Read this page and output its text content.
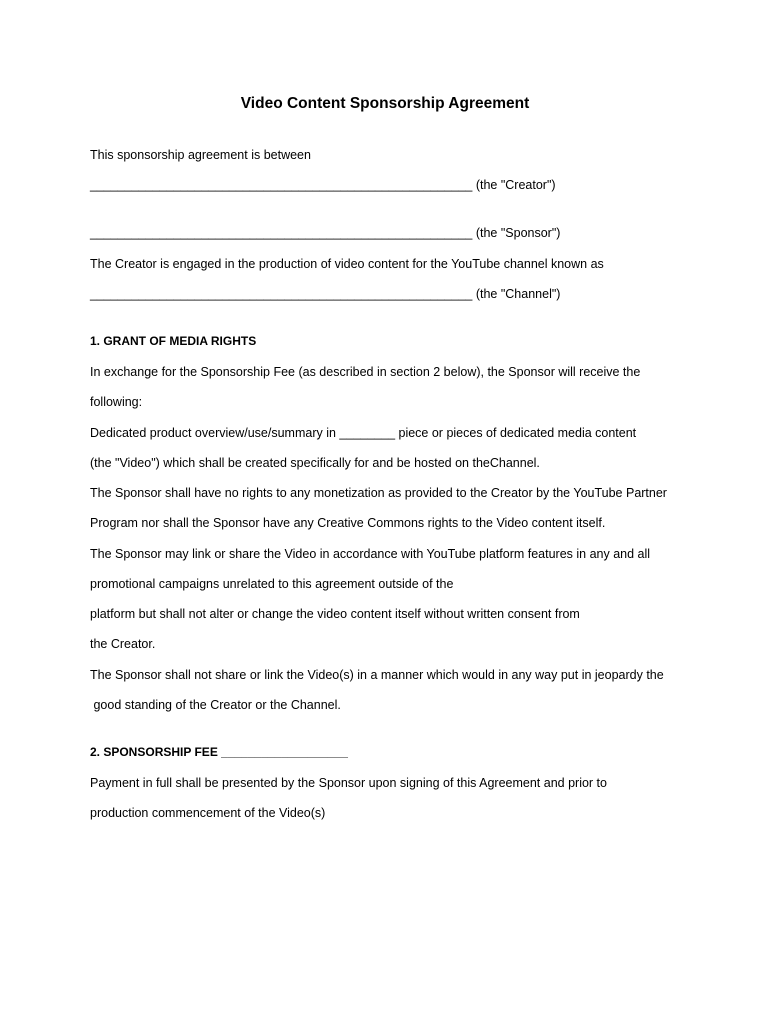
Video Content Sponsorship Agreement
This sponsorship agreement is between
_______________________________________________________ (the "Creator")
_______________________________________________________ (the "Sponsor")
The Creator is engaged in the production of video content for the YouTube channel known as
_______________________________________________________ (the "Channel")
1. GRANT OF MEDIA RIGHTS
In exchange for the Sponsorship Fee (as described in section 2 below), the Sponsor will receive the
following:
Dedicated product overview/use/summary in ________ piece or pieces of dedicated media content
(the "Video") which shall be created specifically for and be hosted on theChannel.
The Sponsor shall have no rights to any monetization as provided to the Creator by the YouTube Partner
Program nor shall the Sponsor have any Creative Commons rights to the Video content itself.
The Sponsor may link or share the Video in accordance with YouTube platform features in any and all
promotional campaigns unrelated to this agreement outside of the
platform but shall not alter or change the video content itself without written consent from
the Creator.
The Sponsor shall not share or link the Video(s) in a manner which would in any way put in jeopardy the
good standing of the Creator or the Channel.
2. SPONSORSHIP FEE ___________________
Payment in full shall be presented by the Sponsor upon signing of this Agreement and prior to
production commencement of the Video(s)
